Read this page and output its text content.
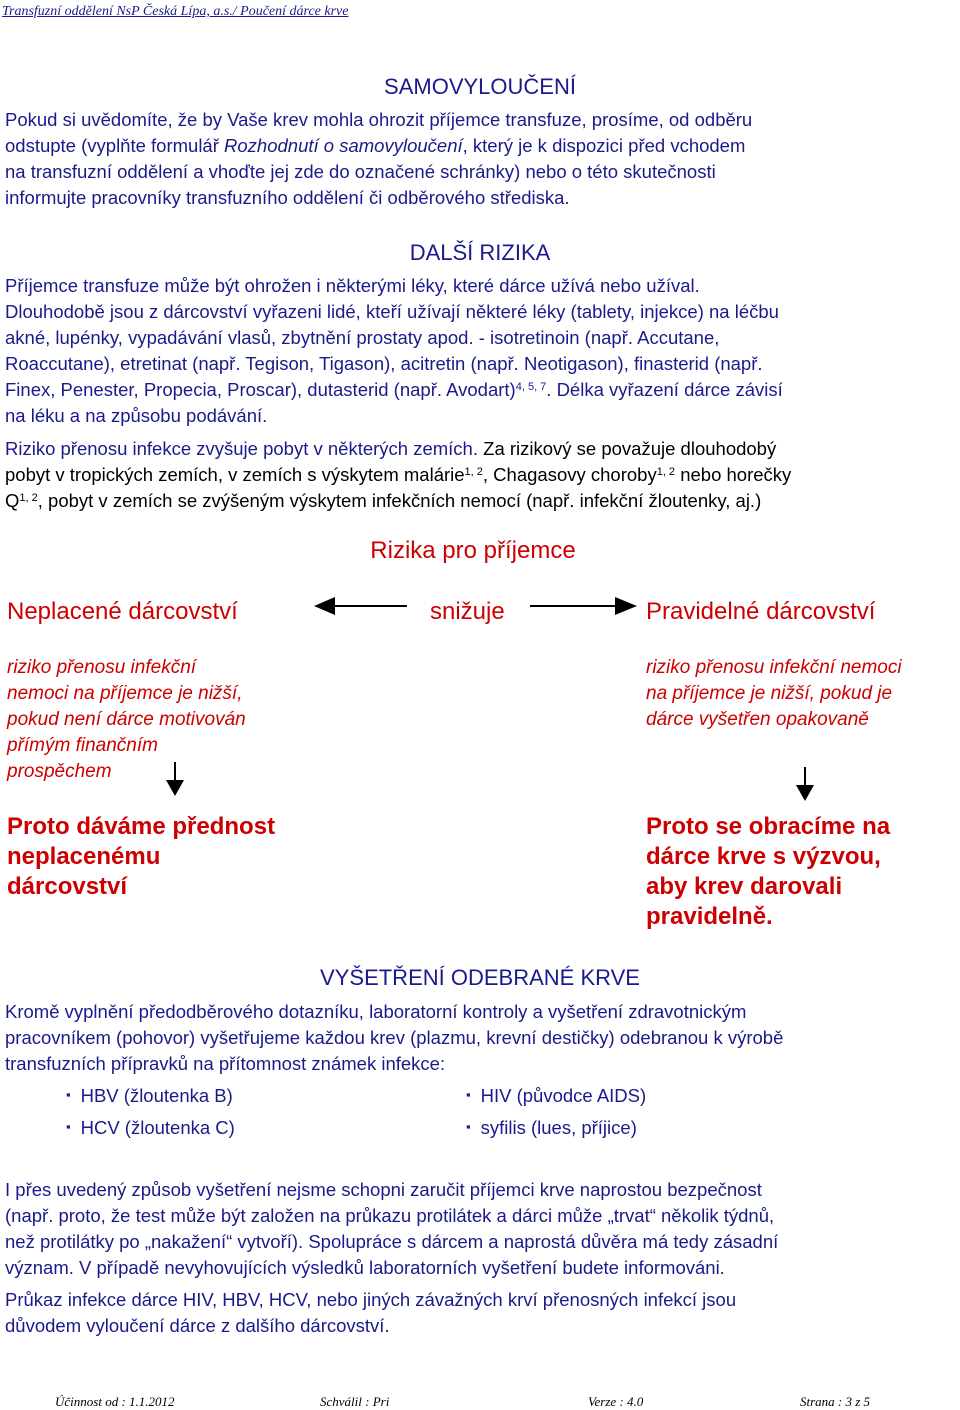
Transfuzní oddělení NsP Česká Lípa, a.s./ Poučení dárce krve
SAMOVYLOUČENÍ
Pokud si uvědomíte, že by Vaše krev mohla ohrozit příjemce transfuze, prosíme, od odběru
odstupte (vyplňte formulář Rozhodnutí o samovyloučení, který je k dispozici před vchodem
na transfuzní oddělení a vhoďte jej zde do označené schránky) nebo o této skutečnosti
informujte pracovníky transfuzního oddělení či odběrového střediska.
DALŠÍ RIZIKA
Příjemce transfuze může být ohrožen i některými léky, které dárce užívá nebo užíval.
Dlouhodobě jsou z dárcovství vyřazeni lidé, kteří užívají některé léky (tablety, injekce) na léčbu
akné, lupénky, vypadávání vlasů, zbytnění prostaty apod. - isotretinoin (např. Accutane,
Roaccutane), etretinat (např. Tegison, Tigason), acitretin (např. Neotigason), finasterid (např.
Finex, Penester, Propecia, Proscar), dutasterid (např. Avodart)$^{4, 5, 7}$. Délka vyřazení dárce závisí
na léku a na způsobu podávání.
Riziko přenosu infekce zvyšuje pobyt v některých zemích. Za rizikový se považuje dlouhodobý
pobyt v tropických zemích, v zemích s výskytem malárie$^{1, 2}$, Chagasovy choroby$^{1, 2}$ nebo horečky
Q$^{1, 2}$, pobyt v zemích se zvýšeným výskytem infekčních nemocí (např. infekční žloutenky, aj.)
Rizika pro příjemce
Neplacené dárcovství	snižuje	Pravidelné dárcovství
riziko přenosu infekční
nemoci na příjemce je nižší,
pokud není dárce motivován
přímým finančním
prospěchem
riziko přenosu infekční nemoci
na příjemce je nižší, pokud je
dárce vyšetřen opakovaně
Proto dáváme přednost
neplacenému
dárcovství
Proto se obracíme na
dárce krve s výzvou,
aby krev darovali
pravidelně.
VYŠETŘENÍ ODEBRANÉ KRVE
Kromě vyplnění předodběrového dotazníku, laboratorní kontroly a vyšetření zdravotnickým
pracovníkem (pohovor) vyšetřujeme každou krev (plazmu, krevní destičky) odebranou k výrobě
transfuzních přípravků na přítomnost známek infekce:
▪ HBV (žloutenka B)	▪ HIV (původce AIDS)
▪ HCV (žloutenka C)	▪ syfilis (lues, příjice)
I přes uvedený způsob vyšetření nejsme schopni zaručit příjemci krve naprostou bezpečnost
(např. proto, že test může být založen na průkazu protilátek a dárci může „trvat“ několik týdnů,
než protilátky po „nakažení“ vytvoří). Spolupráce s dárcem a naprostá důvěra má tedy zásadní
význam. V případě nevyhovujících výsledků laboratorních vyšetření budete informováni.
Průkaz infekce dárce HIV, HBV, HCV, nebo jiných závažných krví přenosných infekcí jsou
důvodem vyloučení dárce z dalšího dárcovství.
Účinnost od : 1.1.2012	Schválil : Pri	Verze : 4.0	Strana : 3 z 5
